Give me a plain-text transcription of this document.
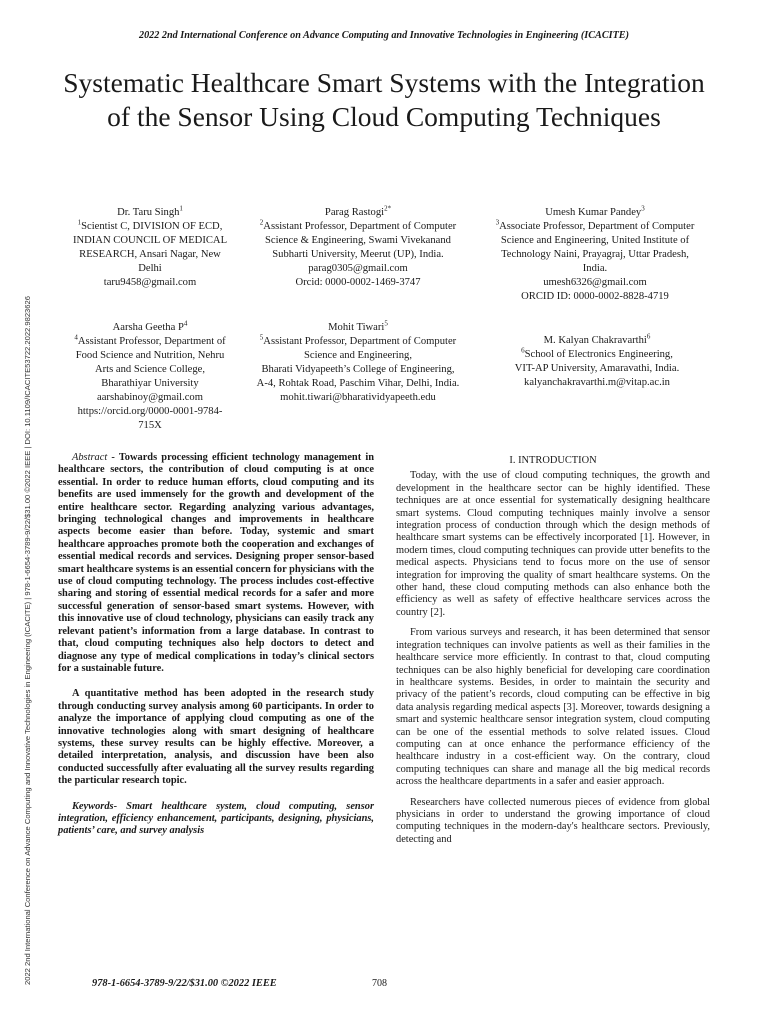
2022 2nd International Conference on Advance Computing and Innovative Technologies in Engineering (ICACITE) | 978-1-6654-3789-9/22/$31.00 ©2022 IEEE | DOI: 10.1109/ICACITE53722.2022.9823626
2022 2nd International Conference on Advance Computing and Innovative Technologies in Engineering (ICACITE)
Systematic Healthcare Smart Systems with the Integration of the Sensor Using Cloud Computing Techniques
Dr. Taru Singh$^1$
$^1$Scientist C, DIVISION OF ECD,
INDIAN COUNCIL OF MEDICAL
RESEARCH, Ansari Nagar, New
Delhi
taru9458@gmail.com
Parag Rastogi$^{2*}$
$^2$Assistant Professor, Department of Computer
Science & Engineering, Swami Vivekanand
Subharti University, Meerut (UP), India.
parag0305@gmail.com
Orcid: 0000-0002-1469-3747
Umesh Kumar Pandey$^3$
$^3$Associate Professor, Department of Computer
Science and Engineering, United Institute of
Technology Naini, Prayagraj, Uttar Pradesh,
India.
umesh6326@gmail.com
ORCID ID: 0000-0002-8828-4719
Aarsha Geetha $P^4$
$^4$Assistant Professor, Department of
Food Science and Nutrition, Nehru
Arts and Science College,
Bharathiyar University
aarshabinoy@gmail.com
https://orcid.org/0000-0001-9784-
715X
Mohit Tiwari$^5$
$^5$Assistant Professor, Department of Computer
Science and Engineering,
Bharati Vidyapeeth’s College of Engineering,
A-4, Rohtak Road, Paschim Vihar, Delhi, India.
mohit.tiwari@bharatividyapeeth.edu
M. Kalyan Chakravarthi$^6$
$^6$School of Electronics Engineering,
VIT-AP University, Amaravathi, India.
kalyanchakravarthi.m@vitap.ac.in

Abstract - Towards processing efficient technology management in healthcare sectors, the contribution of cloud computing is at once essential. In order to reduce human efforts, cloud computing and its benefits are used immensely for the growth and development of the entire healthcare sector. Regarding analyzing various advantages, bringing technological changes and improvements in healthcare aspects become easier than before. Today, systemic and smart healthcare approaches promote both the cooperation and exchanges of essential medical records and services. Designing proper sensor-based smart healthcare systems is an essential concern for physicians with the use of cloud computing technology. The process includes cost-effective sharing and storing of essential medical records for a safer and more successful generation of sensor-based smart systems. However, with this innovative use of cloud technology, physicians can easily track any relevant patient’s information from a large database. In contrast to that, cloud computing techniques also help doctors to detect and diagnose any type of medical complications in today’s clinical sectors for a sustainable future.

A quantitative method has been adopted in the research study through conducting survey analysis among 60 participants. In order to analyze the importance of applying cloud computing as one of the innovative technologies along with smart designing of healthcare systems, these survey results can be highly effective. Moreover, a detailed interpretation, analysis, and discussion have been also conducted successfully after evaluating all the survey results regarding the particular research topic.

Keywords- Smart healthcare system, cloud computing, sensor integration, efficiency enhancement, participants, designing, physicians, patients’ care, and survey analysis

I. INTRODUCTION

Today, with the use of cloud computing techniques, the growth and development in the healthcare sector can be highly identified. These techniques are at once essential for systematically designing healthcare smart systems. Cloud computing techniques mainly involve a sensor integration process of conduction through which the design methods of healthcare smart systems can be effectively incorporated [1]. However, in modern times, cloud computing techniques can provide utter benefits to the medical aspects. Physicians tend to focus more on the use of sensor integration for improving the quality of smart healthcare systems. On the other hand, these cloud computing methods can also enhance both the efficiency as well as safety of effective healthcare services across the country [2].

From various surveys and research, it has been determined that sensor integration techniques can involve patients as well as their families in the healthcare service more efficiently. In contrast to that, cloud computing techniques can be also highly beneficial for developing care coordination in healthcare systems. Besides, in order to maintain the security and privacy of the patient’s records, cloud computing can be effective in big data analysis regarding medical aspects [3]. Moreover, towards designing a smart and systemic healthcare sensor integration system, cloud computing can be one of the essential methods to solve related issues. Cloud computing can at once enhance the performance efficiency of the healthcare industry in a cost-efficient way. On the contrary, cloud computing techniques can share and manage all the big medical records across the healthcare departments in a safer and easier approach.

Researchers have collected numerous pieces of evidence from global physicians in order to understand the growing importance of cloud computing techniques in the modern-day's healthcare sectors. Previously, detecting and

978-1-6654-3789-9/22/$31.00 ©2022 IEEE	708
